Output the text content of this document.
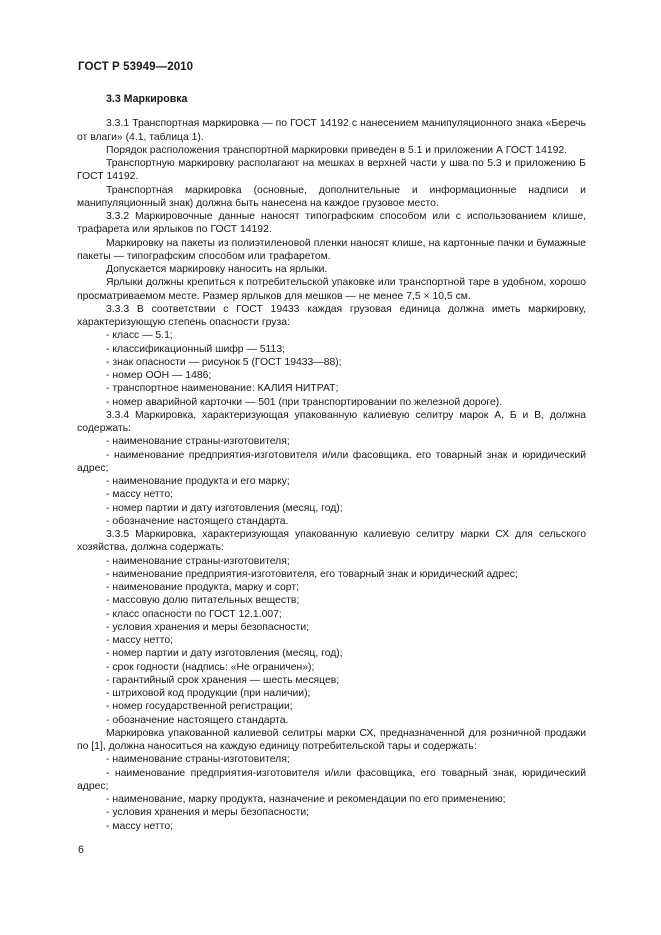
ГОСТ Р 53949—2010
3.3 Маркировка

3.3.1 Транспортная маркировка — по ГОСТ 14192 с нанесением манипуляционного знака «Беречь от влаги» (4.1, таблица 1).

Порядок расположения транспортной маркировки приведен в 5.1 и приложении А ГОСТ 14192.

Транспортную маркировку располагают на мешках в верхней части у шва по 5.3 и приложению Б ГОСТ 14192.

Транспортная маркировка (основные, дополнительные и информационные надписи и манипуляционный знак) должна быть нанесена на каждое грузовое место.

3.3.2 Маркировочные данные наносят типографским способом или с использованием клише, трафарета или ярлыков по ГОСТ 14192.

Маркировку на пакеты из полиэтиленовой пленки наносят клише, на картонные пачки и бумажные пакеты — типографским способом или трафаретом.

Допускается маркировку наносить на ярлыки.

Ярлыки должны крепиться к потребительской упаковке или транспортной таре в удобном, хорошо просматриваемом месте. Размер ярлыков для мешков — не менее 7,5 × 10,5 см.

3.3.3 В соответствии с ГОСТ 19433 каждая грузовая единица должна иметь маркировку, характеризующую степень опасности груза:

- класс — 5.1;

- классификационный шифр — 5113;

- знак опасности — рисунок 5 (ГОСТ 19433—88);

- номер ООН — 1486;

- транспортное наименование: КАЛИЯ НИТРАТ;

- номер аварийной карточки — 501 (при транспортировании по железной дороге).

3.3.4 Маркировка, характеризующая упакованную калиевую селитру марок А, Б и В, должна содержать:

- наименование страны-изготовителя;

- наименование предприятия-изготовителя и/или фасовщика, его товарный знак и юридический адрес;

- наименование продукта и его марку;

- массу нетто;

- номер партии и дату изготовления (месяц, год);

- обозначение настоящего стандарта.

3.3.5 Маркировка, характеризующая упакованную калиевую селитру марки СХ для сельского хозяйства, должна содержать:

- наименование страны-изготовителя;

- наименование предприятия-изготовителя, его товарный знак и юридический адрес;

- наименование продукта, марку и сорт;

- массовую долю питательных веществ;

- класс опасности по ГОСТ 12.1.007;

- условия хранения и меры безопасности;

- массу нетто;

- номер партии и дату изготовления (месяц, год);

- срок годности (надпись: «Не ограничен»);

- гарантийный срок хранения — шесть месяцев;

- штриховой код продукции (при наличии);

- номер государственной регистрации;

- обозначение настоящего стандарта.

Маркировка упакованной калиевой селитры марки СХ, предназначенной для розничной продажи по [1], должна наноситься на каждую единицу потребительской тары и содержать:

- наименование страны-изготовителя;

- наименование предприятия-изготовителя и/или фасовщика, его товарный знак, юридический адрес;

- наименование, марку продукта, назначение и рекомендации по его применению;

- условия хранения и меры безопасности;

- массу нетто;

6
